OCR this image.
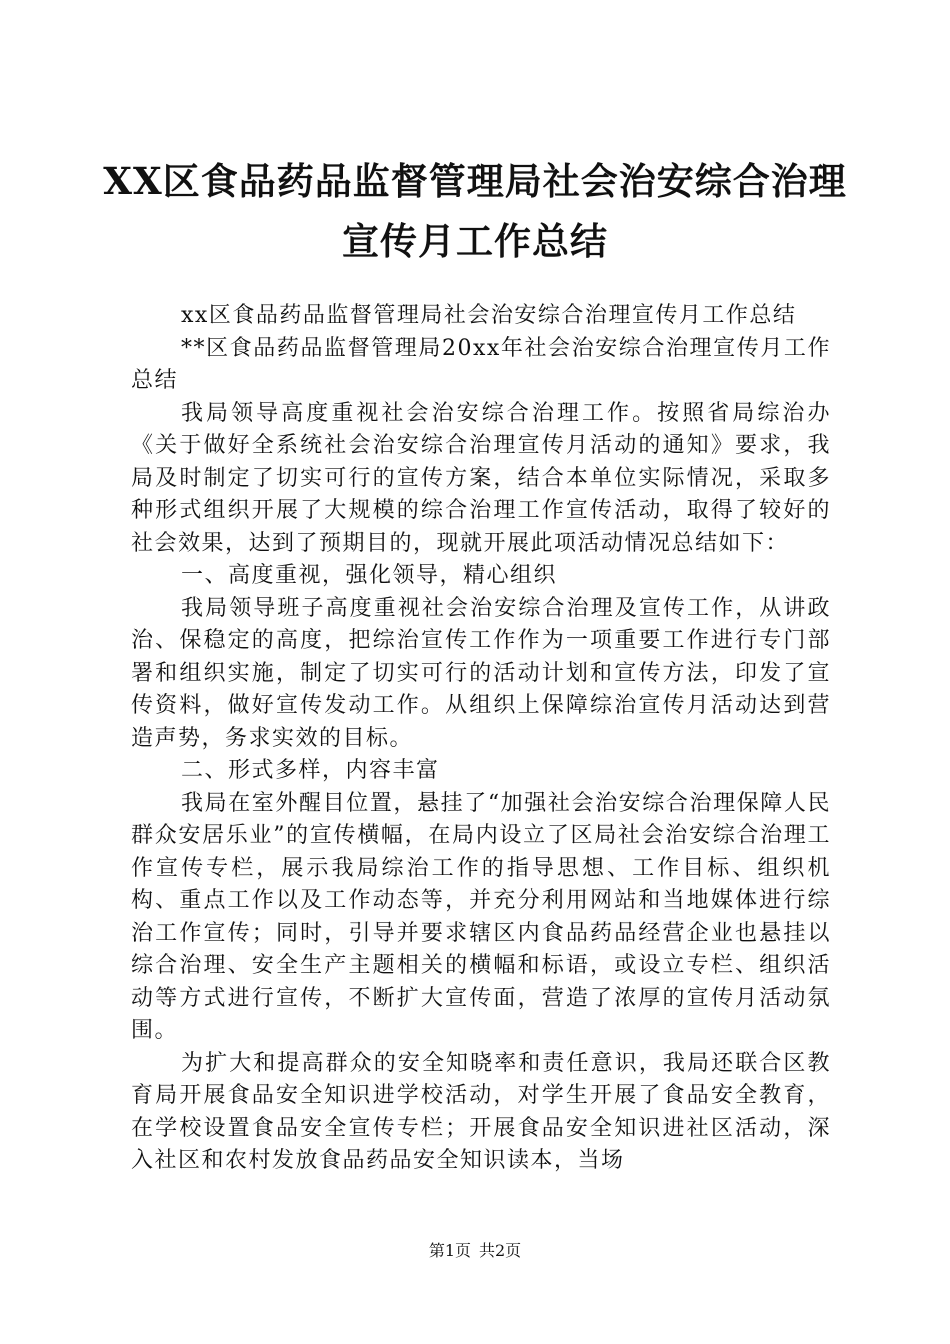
XX区食品药品监督管理局社会治安综合治理
宣传月工作总结

xx区食品药品监督管理局社会治安综合治理宣传月工作总结

**区食品药品监督管理局20xx年社会治安综合治理宣传月工作总结

我局领导高度重视社会治安综合治理工作。按照省局综治办《关于做好全系统社会治安综合治理宣传月活动的通知》要求，我局及时制定了切实可行的宣传方案，结合本单位实际情况，采取多种形式组织开展了大规模的综合治理工作宣传活动，取得了较好的社会效果，达到了预期目的，现就开展此项活动情况总结如下：

一、高度重视，强化领导，精心组织

我局领导班子高度重视社会治安综合治理及宣传工作，从讲政治、保稳定的高度，把综治宣传工作作为一项重要工作进行专门部署和组织实施，制定了切实可行的活动计划和宣传方法，印发了宣传资料，做好宣传发动工作。从组织上保障综治宣传月活动达到营造声势，务求实效的目标。

二、形式多样，内容丰富

我局在室外醒目位置，悬挂了“加强社会治安综合治理保障人民群众安居乐业”的宣传横幅，在局内设立了区局社会治安综合治理工作宣传专栏，展示我局综治工作的指导思想、工作目标、组织机构、重点工作以及工作动态等，并充分利用网站和当地媒体进行综治工作宣传；同时，引导并要求辖区内食品药品经营企业也悬挂以综合治理、安全生产主题相关的横幅和标语，或设立专栏、组织活动等方式进行宣传，不断扩大宣传面，营造了浓厚的宣传月活动氛围。

为扩大和提高群众的安全知晓率和责任意识，我局还联合区教育局开展食品安全知识进学校活动，对学生开展了食品安全教育，在学校设置食品安全宣传专栏；开展食品安全知识进社区活动，深入社区和农村发放食品药品安全知识读本，当场

第1页 共2页
